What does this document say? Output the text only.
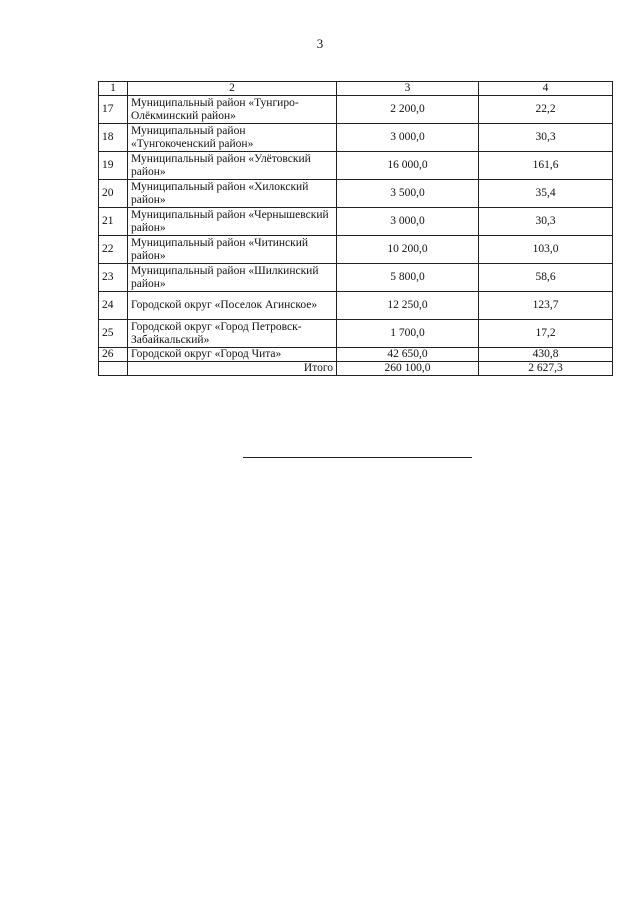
3
1	2	3	4
17	Муниципальный район «Тунгиро-Олёкминский район»	2 200,0	22,2
18	Муниципальный район «Тунгокоченский район»	3 000,0	30,3
19	Муниципальный район «Улётовский район»	16 000,0	161,6
20	Муниципальный район «Хилокский район»	3 500,0	35,4
21	Муниципальный район «Чернышевский район»	3 000,0	30,3
22	Муниципальный район «Читинский район»	10 200,0	103,0
23	Муниципальный район «Шилкинский район»	5 800,0	58,6
24	Городской округ «Поселок Агинское»	12 250,0	123,7
25	Городской округ «Город Петровск-Забайкальский»	1 700,0	17,2
26	Городской округ «Город Чита»	42 650,0	430,8
	Итого	260 100,0	2 627,3
